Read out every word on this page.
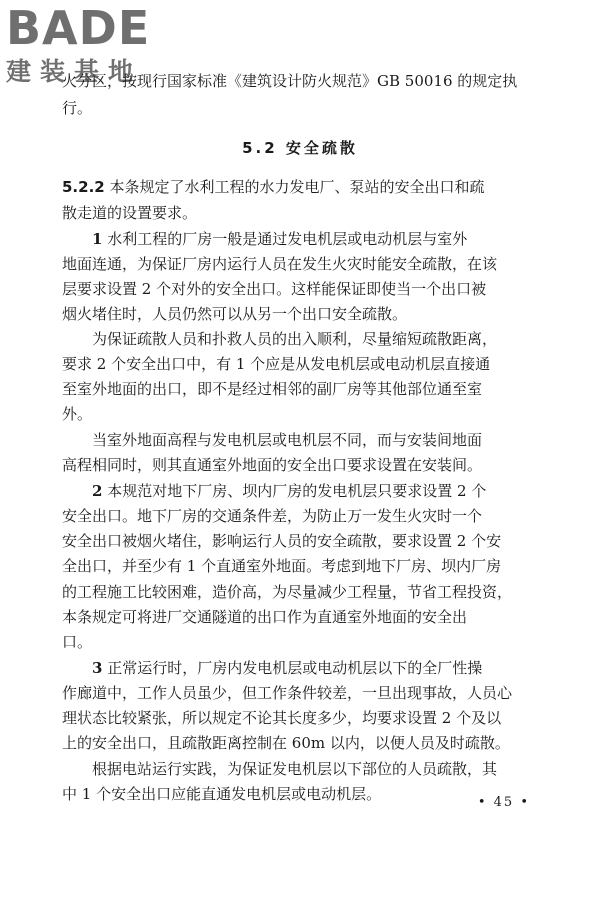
BADE
建装基地

火分区，按现行国家标准《建筑设计防火规范》GB 50016 的规定执

行。

5.2 安全疏散

5.2.2 本条规定了水利工程的水力发电厂、泵站的安全出口和疏

散走道的设置要求。

　　1 水利工程的厂房一般是通过发电机层或电动机层与室外

地面连通，为保证厂房内运行人员在发生火灾时能安全疏散，在该

层要求设置 2 个对外的安全出口。这样能保证即使当一个出口被

烟火堵住时，人员仍然可以从另一个出口安全疏散。

为保证疏散人员和扑救人员的出入顺利，尽量缩短疏散距离，

要求 2 个安全出口中，有 1 个应是从发电机层或电动机层直接通

至室外地面的出口，即不是经过相邻的副厂房等其他部位通至室

外。

当室外地面高程与发电机层或电机层不同，而与安装间地面

高程相同时，则其直通室外地面的安全出口要求设置在安装间。

　　2 本规范对地下厂房、坝内厂房的发电机层只要求设置 2 个

安全出口。地下厂房的交通条件差，为防止万一发生火灾时一个

安全出口被烟火堵住，影响运行人员的安全疏散，要求设置 2 个安

全出口，并至少有 1 个直通室外地面。考虑到地下厂房、坝内厂房

的工程施工比较困难，造价高，为尽量减少工程量，节省工程投资，

本条规定可将进厂交通隧道的出口作为直通室外地面的安全出

口。

　　3 正常运行时，厂房内发电机层或电动机层以下的全厂性操

作廊道中，工作人员虽少，但工作条件较差，一旦出现事故，人员心

理状态比较紧张，所以规定不论其长度多少，均要求设置 2 个及以

上的安全出口，且疏散距离控制在 60m 以内，以便人员及时疏散。

根据电站运行实践，为保证发电机层以下部位的人员疏散，其

中 1 个安全出口应能直通发电机层或电动机层。	• 45 •
